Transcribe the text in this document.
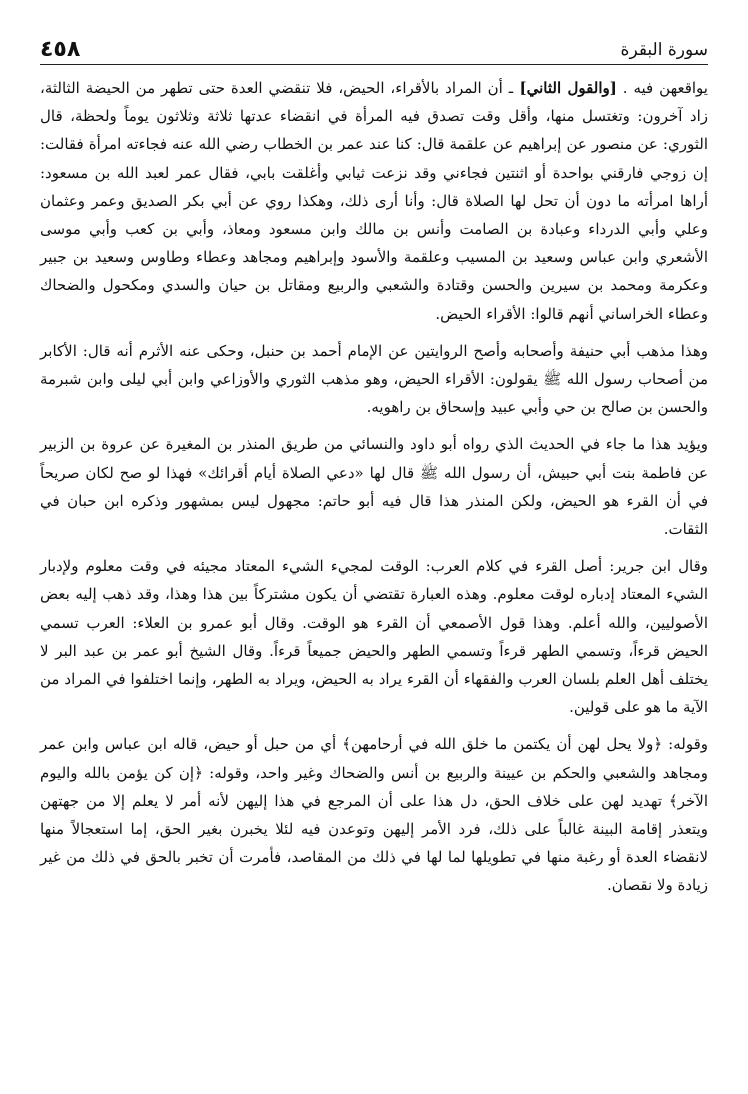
سورة البقرة
٤٥٨

يواقعهن فيه . [والقول الثاني] ـ أن المراد بالأقراء، الحيض، فلا تنقضي العدة حتى تطهر من الحيضة الثالثة، زاد آخرون: وتغتسل منها، وأقل وقت تصدق فيه المرأة في انقضاء عدتها ثلاثة وثلاثون يوماً ولحظة، قال الثوري: عن منصور عن إبراهيم عن علقمة قال: كنا عند عمر بن الخطاب رضي الله عنه فجاءته امرأة فقالت: إن زوجي فارقني بواحدة أو اثنتين فجاءني وقد نزعت ثيابي وأغلقت بابي، فقال عمر لعبد الله بن مسعود: أراها امرأته ما دون أن تحل لها الصلاة قال: وأنا أرى ذلك، وهكذا روي عن أبي بكر الصديق وعمر وعثمان وعلي وأبي الدرداء وعبادة بن الصامت وأنس بن مالك وابن مسعود ومعاذ، وأبي بن كعب وأبي موسى الأشعري وابن عباس وسعيد بن المسيب وعلقمة والأسود وإبراهيم ومجاهد وعطاء وطاوس وسعيد بن جبير وعكرمة ومحمد بن سيرين والحسن وقتادة والشعبي والربيع ومقاتل بن حيان والسدي ومكحول والضحاك وعطاء الخراساني أنهم قالوا: الأقراء الحيض.

وهذا مذهب أبي حنيفة وأصحابه وأصح الروايتين عن الإمام أحمد بن حنبل، وحكى عنه الأثرم أنه قال: الأكابر من أصحاب رسول الله ﷺ يقولون: الأقراء الحيض، وهو مذهب الثوري والأوزاعي وابن أبي ليلى وابن شبرمة والحسن بن صالح بن حي وأبي عبيد وإسحاق بن راهويه.

ويؤيد هذا ما جاء في الحديث الذي رواه أبو داود والنسائي من طريق المنذر بن المغيرة عن عروة بن الزبير عن فاطمة بنت أبي حبيش، أن رسول الله ﷺ قال لها «دعي الصلاة أيام أقرائك» فهذا لو صح لكان صريحاً في أن القرء هو الحيض، ولكن المنذر هذا قال فيه أبو حاتم: مجهول ليس بمشهور وذكره ابن حبان في الثقات.

وقال ابن جرير: أصل القرء في كلام العرب: الوقت لمجيء الشيء المعتاد مجيئه في وقت معلوم ولإدبار الشيء المعتاد إدباره لوقت معلوم. وهذه العبارة تقتضي أن يكون مشتركاً بين هذا وهذا، وقد ذهب إليه بعض الأصوليين، والله أعلم. وهذا قول الأصمعي أن القرء هو الوقت. وقال أبو عمرو بن العلاء: العرب تسمي الحيض قرءاً، وتسمي الطهر قرءاً وتسمي الطهر والحيض جميعاً قرءاً. وقال الشيخ أبو عمر بن عبد البر لا يختلف أهل العلم بلسان العرب والفقهاء أن القرء يراد به الحيض، ويراد به الطهر، وإنما اختلفوا في المراد من الآية ما هو على قولين.

وقوله: ﴿ولا يحل لهن أن يكتمن ما خلق الله في أرحامهن﴾ أي من حبل أو حيض، قاله ابن عباس وابن عمر ومجاهد والشعبي والحكم بن عيينة والربيع بن أنس والضحاك وغير واحد، وقوله: ﴿إن كن يؤمن بالله واليوم الآخر﴾ تهديد لهن على خلاف الحق، دل هذا على أن المرجع في هذا إليهن لأنه أمر لا يعلم إلا من جهتهن ويتعذر إقامة البينة غالباً على ذلك، فرد الأمر إليهن وتوعدن فيه لئلا يخبرن بغير الحق، إما استعجالاً منها لانقضاء العدة أو رغبة منها في تطويلها لما لها في ذلك من المقاصد، فأمرت أن تخبر بالحق في ذلك من غير زيادة ولا نقصان.
